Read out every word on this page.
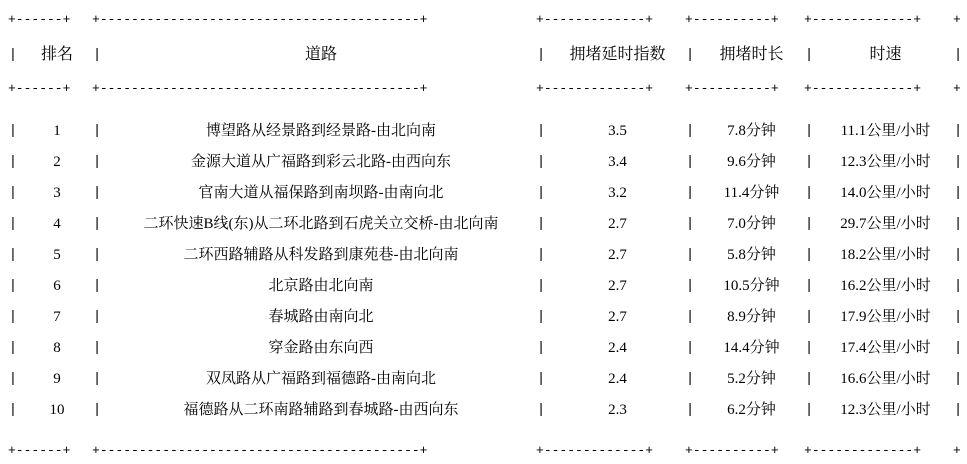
+------+		+-----------------------------------------+		+-------------+		+----------+		+-------------+		+

|	排名	|	道路	|	拥堵延时指数	|	拥堵时长	|	时速	|

+------+		+-----------------------------------------+		+-------------+		+----------+		+-------------+		+

|	1	|	博望路从经景路到经景路-由北向南	|	3.5	|	7.8分钟	|	11.1公里/小时	|
|	2	|	金源大道从广福路到彩云北路-由西向东	|	3.4	|	9.6分钟	|	12.3公里/小时	|
|	3	|	官南大道从福保路到南坝路-由南向北	|	3.2	|	11.4分钟	|	14.0公里/小时	|
|	4	|	二环快速B线(东)从二环北路到石虎关立交桥-由北向南	|	2.7	|	7.0分钟	|	29.7公里/小时	|
|	5	|	二环西路辅路从科发路到康苑巷-由北向南	|	2.7	|	5.8分钟	|	18.2公里/小时	|
|	6	|	北京路由北向南	|	2.7	|	10.5分钟	|	16.2公里/小时	|
|	7	|	春城路由南向北	|	2.7	|	8.9分钟	|	17.9公里/小时	|
|	8	|	穿金路由东向西	|	2.4	|	14.4分钟	|	17.4公里/小时	|
|	9	|	双凤路从广福路到福德路-由南向北	|	2.4	|	5.2分钟	|	16.6公里/小时	|
|	10	|	福德路从二环南路辅路到春城路-由西向东	|	2.3	|	6.2分钟	|	12.3公里/小时	|

+------+		+-----------------------------------------+		+-------------+		+----------+		+-------------+		+
